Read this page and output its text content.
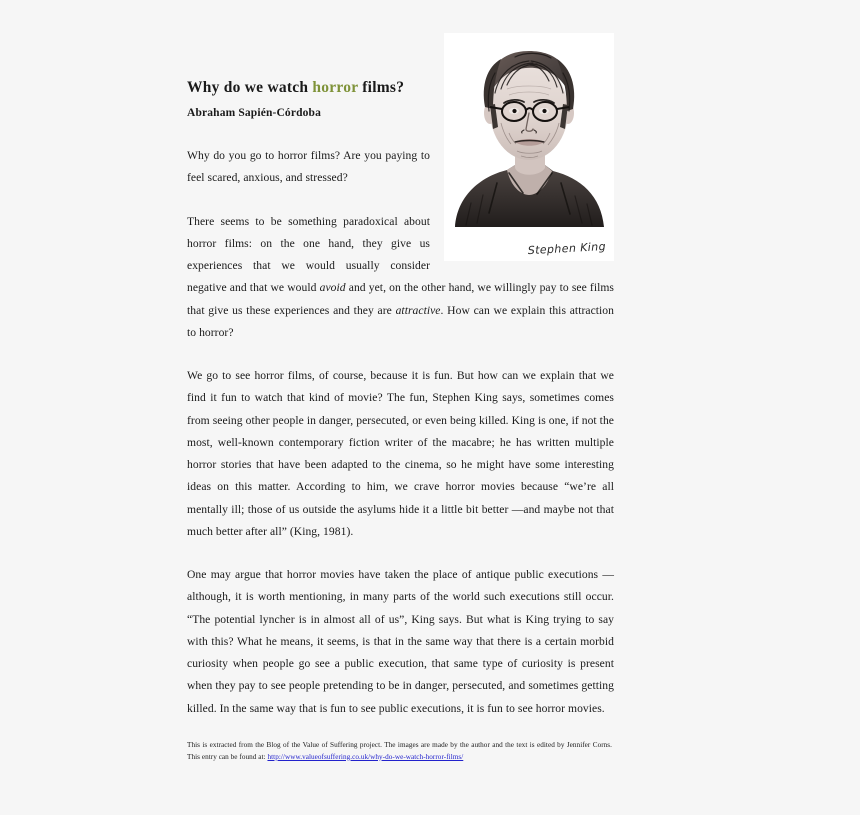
Stephen King
Why do we watch horror films?
Abraham Sapién-Córdoba

Why do you go to horror films? Are you paying to feel scared, anxious, and stressed?

There seems to be something paradoxical about horror films: on the one hand, they give us experiences that we would usually consider negative and that we would avoid and yet, on the other hand, we willingly pay to see films that give us these experiences and they are attractive. How can we explain this attraction to horror?

We go to see horror films, of course, because it is fun. But how can we explain that we find it fun to watch that kind of movie? The fun, Stephen King says, sometimes comes from seeing other people in danger, persecuted, or even being killed. King is one, if not the most, well-known contemporary fiction writer of the macabre; he has written multiple horror stories that have been adapted to the cinema, so he might have some interesting ideas on this matter. According to him, we crave horror movies because “we’re all mentally ill; those of us outside the asylums hide it a little bit better —and maybe not that much better after all” (King, 1981).

One may argue that horror movies have taken the place of antique public executions —although, it is worth mentioning, in many parts of the world such executions still occur. “The potential lyncher is in almost all of us”, King says. But what is King trying to say with this? What he means, it seems, is that in the same way that there is a certain morbid curiosity when people go see a public execution, that same type of curiosity is present when they pay to see people pretending to be in danger, persecuted, and sometimes getting killed. In the same way that is fun to see public executions, it is fun to see horror movies.

This is extracted from the Blog of the Value of Suffering project. The images are made by the author and the text is edited by Jennifer Corns. This entry can be found at: http://www.valueofsuffering.co.uk/why-do-we-watch-horror-films/
